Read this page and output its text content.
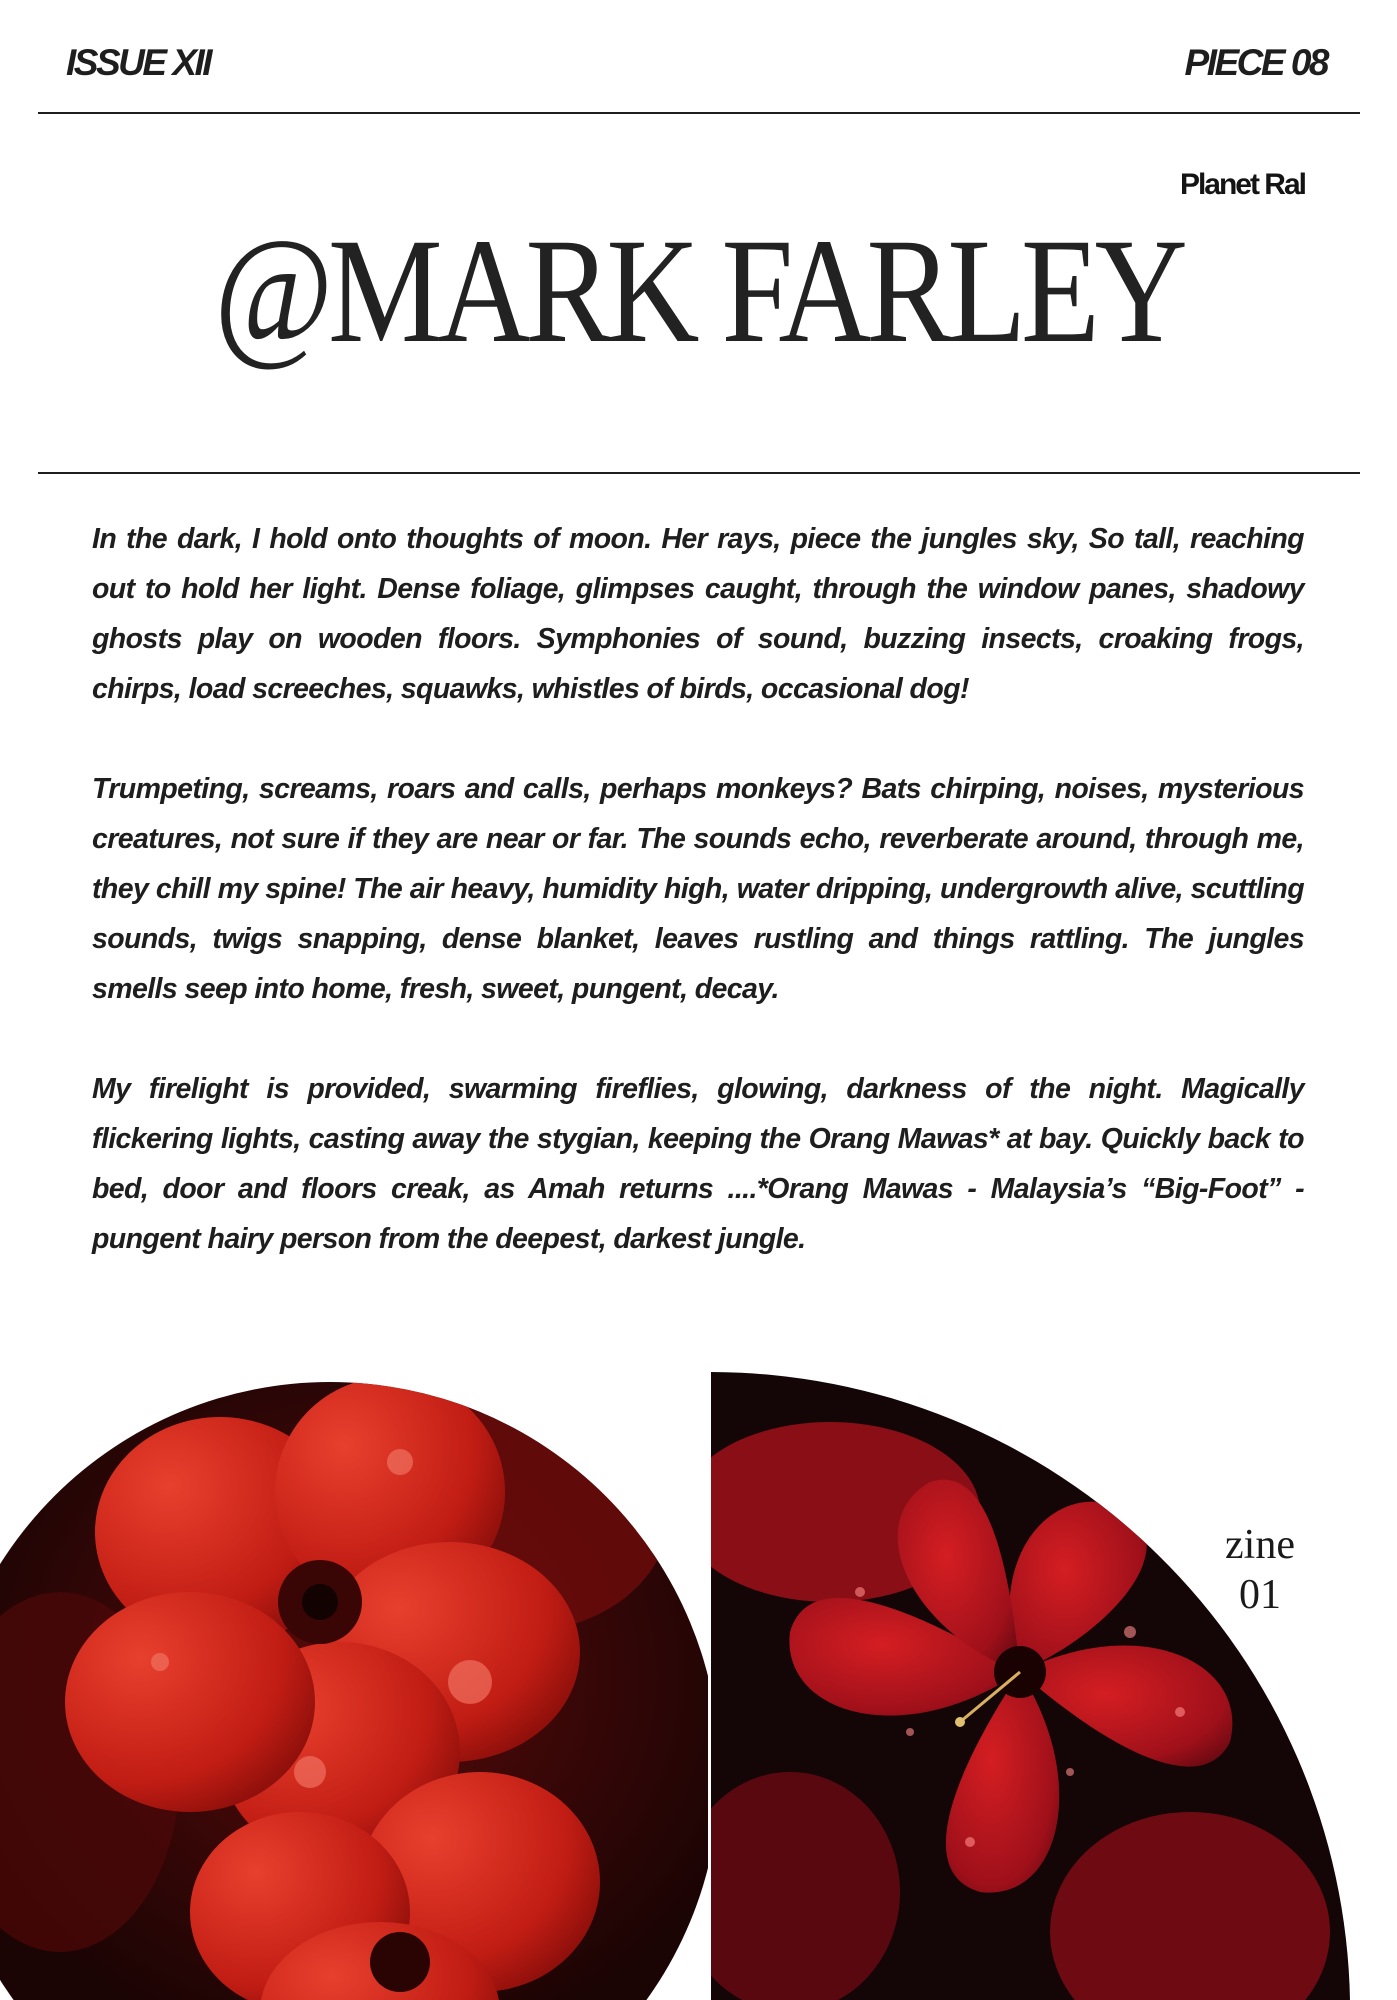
ISSUE XII	PIECE 08
Planet Ral
@MARK FARLEY

In the dark, I hold onto thoughts of moon. Her rays, piece the jungles sky, So tall, reaching out to hold her light. Dense foliage, glimpses caught, through the window panes, shadowy ghosts play on wooden floors. Symphonies of sound, buzzing insects, croaking frogs, chirps, load screeches, squawks, whistles of birds, occasional dog!

Trumpeting, screams, roars and calls, perhaps monkeys? Bats chirping, noises, mysterious creatures, not sure if they are near or far. The sounds echo, reverberate around, through me, they chill my spine! The air heavy, humidity high, water dripping, undergrowth alive, scuttling sounds, twigs snapping, dense blanket, leaves rustling and things rattling. The jungles smells seep into home, fresh, sweet, pungent, decay.

My firelight is provided, swarming fireflies, glowing, darkness of the night. Magically flickering lights, casting away the stygian, keeping the Orang Mawas* at bay. Quickly back to bed, door and floors creak, as Amah returns ....*Orang Mawas - Malaysia’s “Big-Foot” - pungent hairy person from the deepest, darkest jungle.

zine
01
